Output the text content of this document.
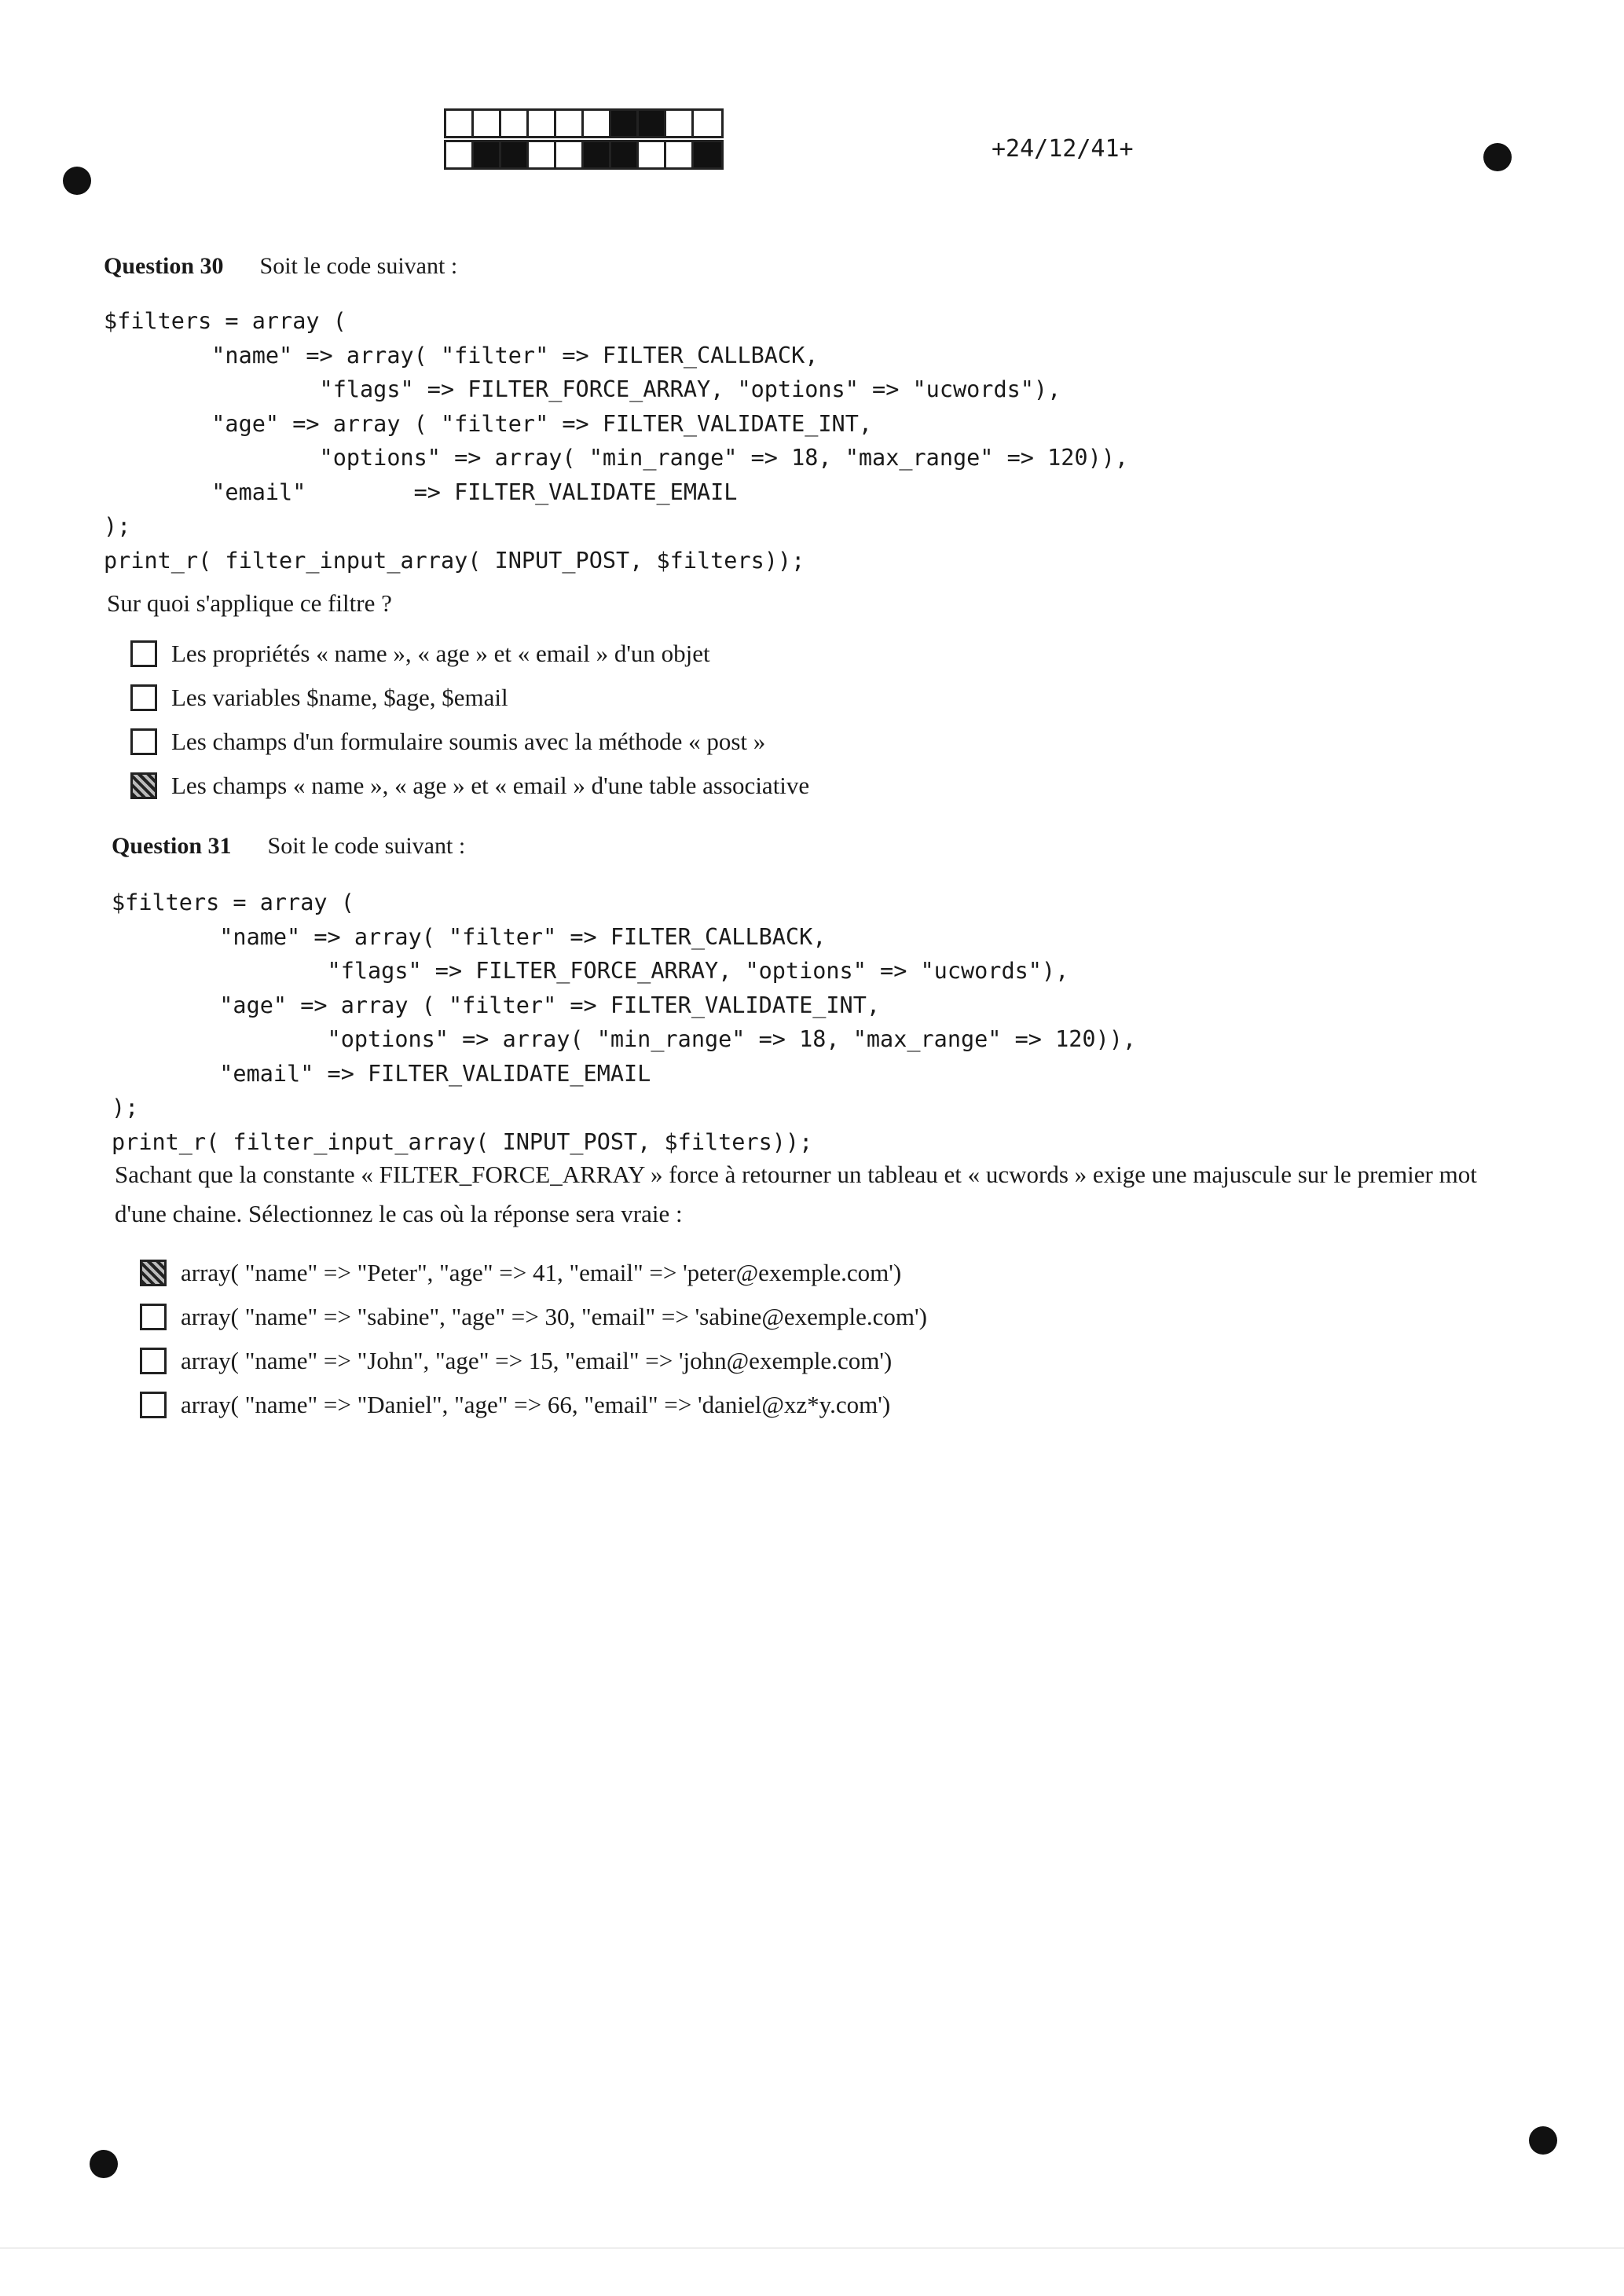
+24/12/41+
Question 30 Soit le code suivant :
$filters = array (
"name" => array( "filter" => FILTER_CALLBACK,
"flags" => FILTER_FORCE_ARRAY, "options" => "ucwords"),
"age" => array ( "filter" => FILTER_VALIDATE_INT,
"options" => array( "min_range" => 18, "max_range" => 120)),
"email"        => FILTER_VALIDATE_EMAIL
);
print_r( filter_input_array( INPUT_POST, $filters));
Sur quoi s'applique ce filtre ?
Les propriétés « name », « age » et « email » d'un objet
Les variables $name, $age, $email
Les champs d'un formulaire soumis avec la méthode « post »
Les champs « name », « age » et « email » d'une table associative
Question 31 Soit le code suivant :
$filters = array (
"name" => array( "filter" => FILTER_CALLBACK,
"flags" => FILTER_FORCE_ARRAY, "options" => "ucwords"),
"age" => array ( "filter" => FILTER_VALIDATE_INT,
"options" => array( "min_range" => 18, "max_range" => 120)),
"email" => FILTER_VALIDATE_EMAIL
);
print_r( filter_input_array( INPUT_POST, $filters));
Sachant que la constante « FILTER_FORCE_ARRAY » force à retourner un tableau et « ucwords » exige une majuscule sur le premier mot d'une chaine. Sélectionnez le cas où la réponse sera vraie :
array( "name" => "Peter", "age" => 41, "email" => 'peter@exemple.com')
array( "name" => "sabine", "age" => 30, "email" => 'sabine@exemple.com')
array( "name" => "John", "age" => 15, "email" => 'john@exemple.com')
array( "name" => "Daniel", "age" => 66, "email" => 'daniel@xz*y.com')
